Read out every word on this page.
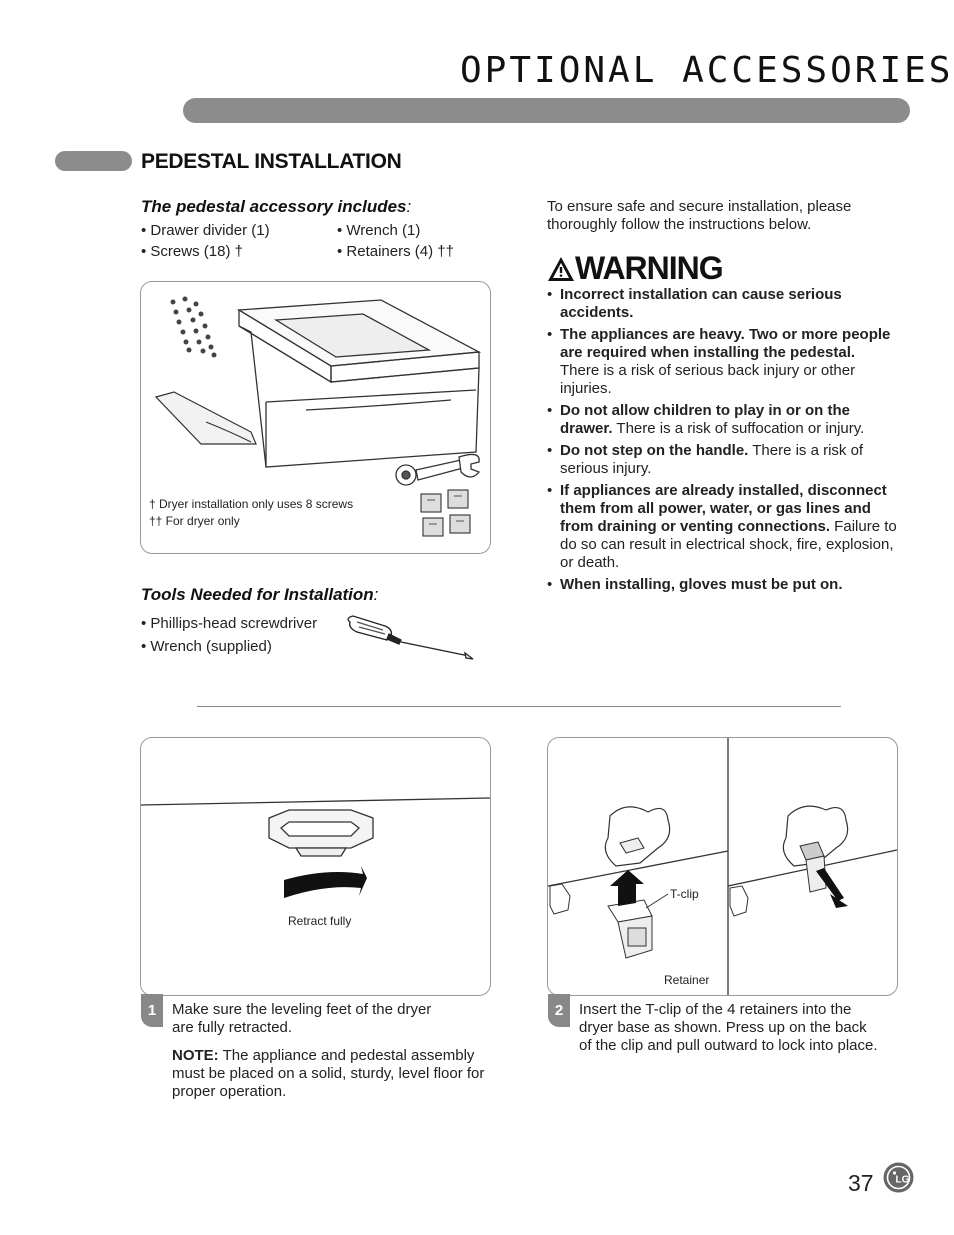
OPTIONAL ACCESSORIES
PEDESTAL INSTALLATION
The pedestal accessory includes:
• Drawer divider (1)
• Screws (18) †
• Wrench (1)
• Retainers (4) ††
† Dryer installation only uses 8 screws
†† For dryer only
Tools Needed for Installation:
• Phillips-head screwdriver
• Wrench (supplied)
To ensure safe and secure installation, please thoroughly follow the instructions below.
WARNING
• Incorrect installation can cause serious accidents.
• The appliances are heavy. Two or more people are required when installing the pedestal. There is a risk of serious back injury or other injuries.
• Do not allow children to play in or on the drawer. There is a risk of suffocation or injury.
• Do not step on the handle. There is a risk of serious injury.
• If appliances are already installed, disconnect them from all power, water, or gas lines and from draining or venting connections. Failure to do so can result in electrical shock, fire, explosion, or death.
• When installing, gloves must be put on.
Retract fully
1	Make sure the leveling feet of the dryer are fully retracted.
NOTE: The appliance and pedestal assembly must be placed on a solid, sturdy, level floor for proper operation.
T-clip
Retainer
2	Insert the T-clip of the 4 retainers into the dryer base as shown. Press up on the back of the clip and pull outward to lock into place.
37 LG
